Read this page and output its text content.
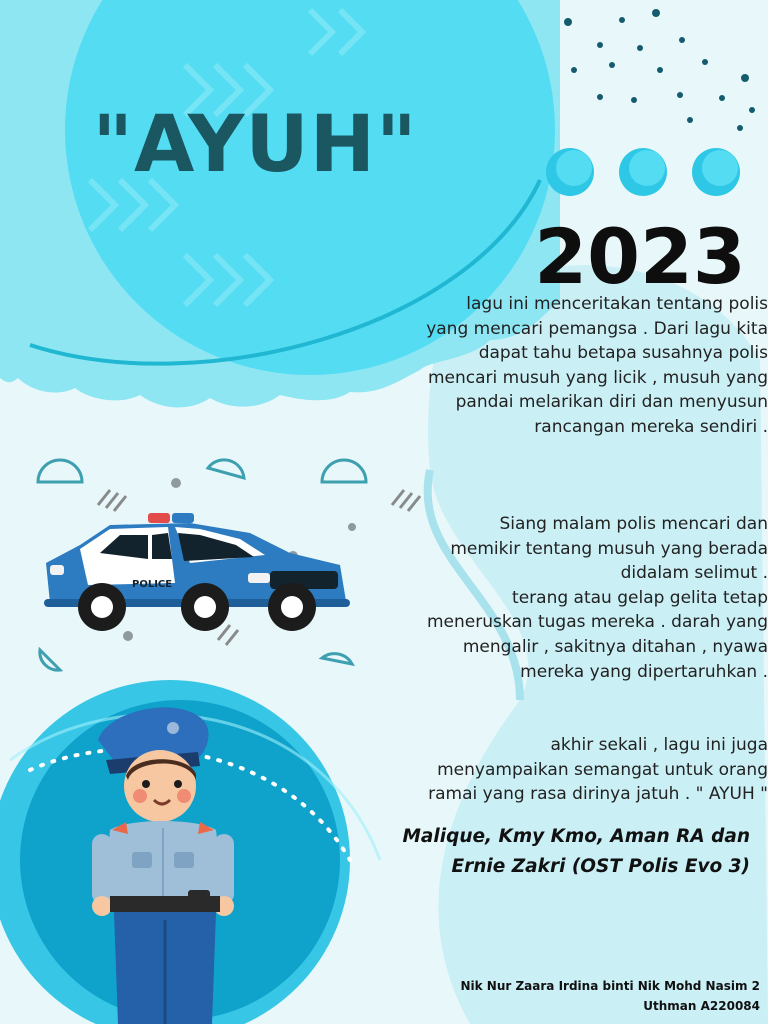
"AYUH"
2023
lagu ini menceritakan tentang polis
yang mencari pemangsa . Dari lagu kita
dapat tahu betapa susahnya polis
mencari musuh yang licik , musuh yang
pandai melarikan diri dan menyusun
rancangan mereka sendiri .
Siang malam polis mencari dan
memikir tentang musuh yang berada
didalam selimut .
terang atau gelap gelita tetap
meneruskan tugas mereka . darah yang
mengalir , sakitnya ditahan , nyawa
mereka yang dipertaruhkan .
akhir sekali , lagu ini juga
menyampaikan semangat untuk orang
ramai yang rasa dirinya jatuh . " AYUH "
Malique, Kmy Kmo, Aman RA dan
Ernie Zakri (OST Polis Evo 3)
Nik Nur Zaara Irdina binti Nik Mohd Nasim 2
Uthman A220084
POLICE
